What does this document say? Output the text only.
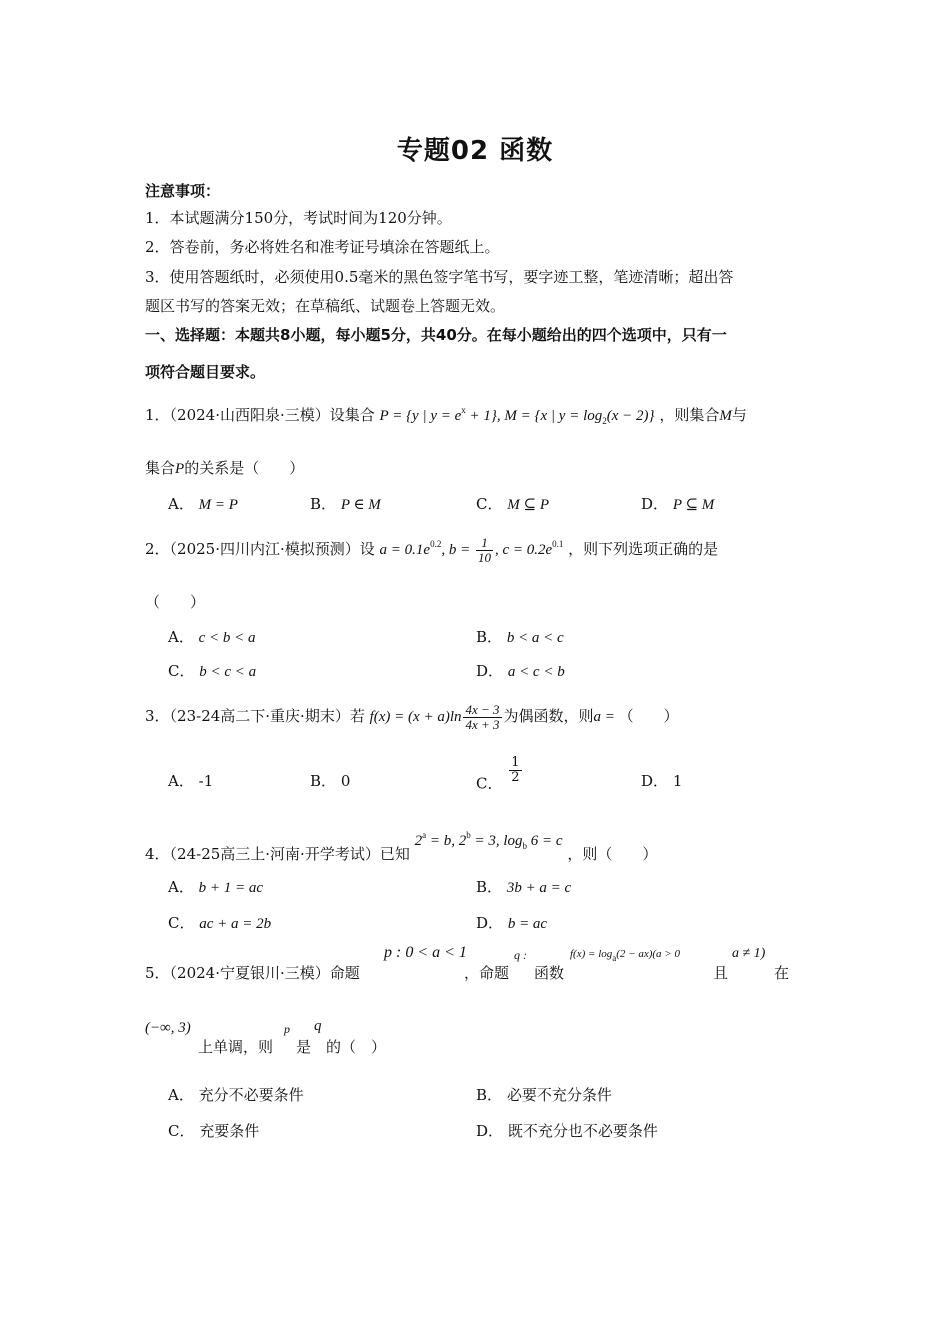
专题02 函数
注意事项：
1．本试题满分150分，考试时间为120分钟。
2．答卷前，务必将姓名和准考证号填涂在答题纸上。
3．使用答题纸时，必须使用0.5毫米的黑色签字笔书写，要字迹工整，笔迹清晰；超出答
题区书写的答案无效；在草稿纸、试题卷上答题无效。
一、选择题：本题共8小题，每小题5分，共40分。在每小题给出的四个选项中，只有一
项符合题目要求。
1．（2024·山西阳泉·三模）设集合 P = {y | $y = e^x + 1$}, M = {x | $y = \log_2(x - 2)$} ，则集合M与
集合P的关系是（　　）
A． M = P	B． P ∈ M	C． M ⊆ P	D． P ⊆ M
2．（2025·四川内江·模拟预测）设 $a = 0.1e^{0.2}$, $b = \frac{1}{10}$ , $c = 0.2e^{0.1}$ ，则下列选项正确的是
（　　）
A． c < b < a	B． b < a < c
C． b < c < a	D． a < c < b
3．（23-24高二下·重庆·期末）若 $f(x) = (x + a)\ln \frac{4x - 3}{4x + 3}$ 为偶函数，则a = （　　）
A． -1	B． 0	C． $\frac{1}{2}$	D． 1
4．（24-25高三上·河南·开学考试）已知 $2^a = b$, $2^b = 3$, $\log_b 6 = c$ ，则（　　）
A． b + 1 = ac	B． 3b + a = c
C． ac + a = 2b	D． b = ac
5．（2024·宁夏银川·三模）命题
p : 0 < a < 1
，命题
q :
函数
$f(x) = \log_a(2 - ax)(a > 0$	a ≠ 1)
且	在
(−∞, 3)
上单调，则
p
是
q
的（　）
A． 充分不必要条件	B． 必要不充分条件
C． 充要条件	D． 既不充分也不必要条件
